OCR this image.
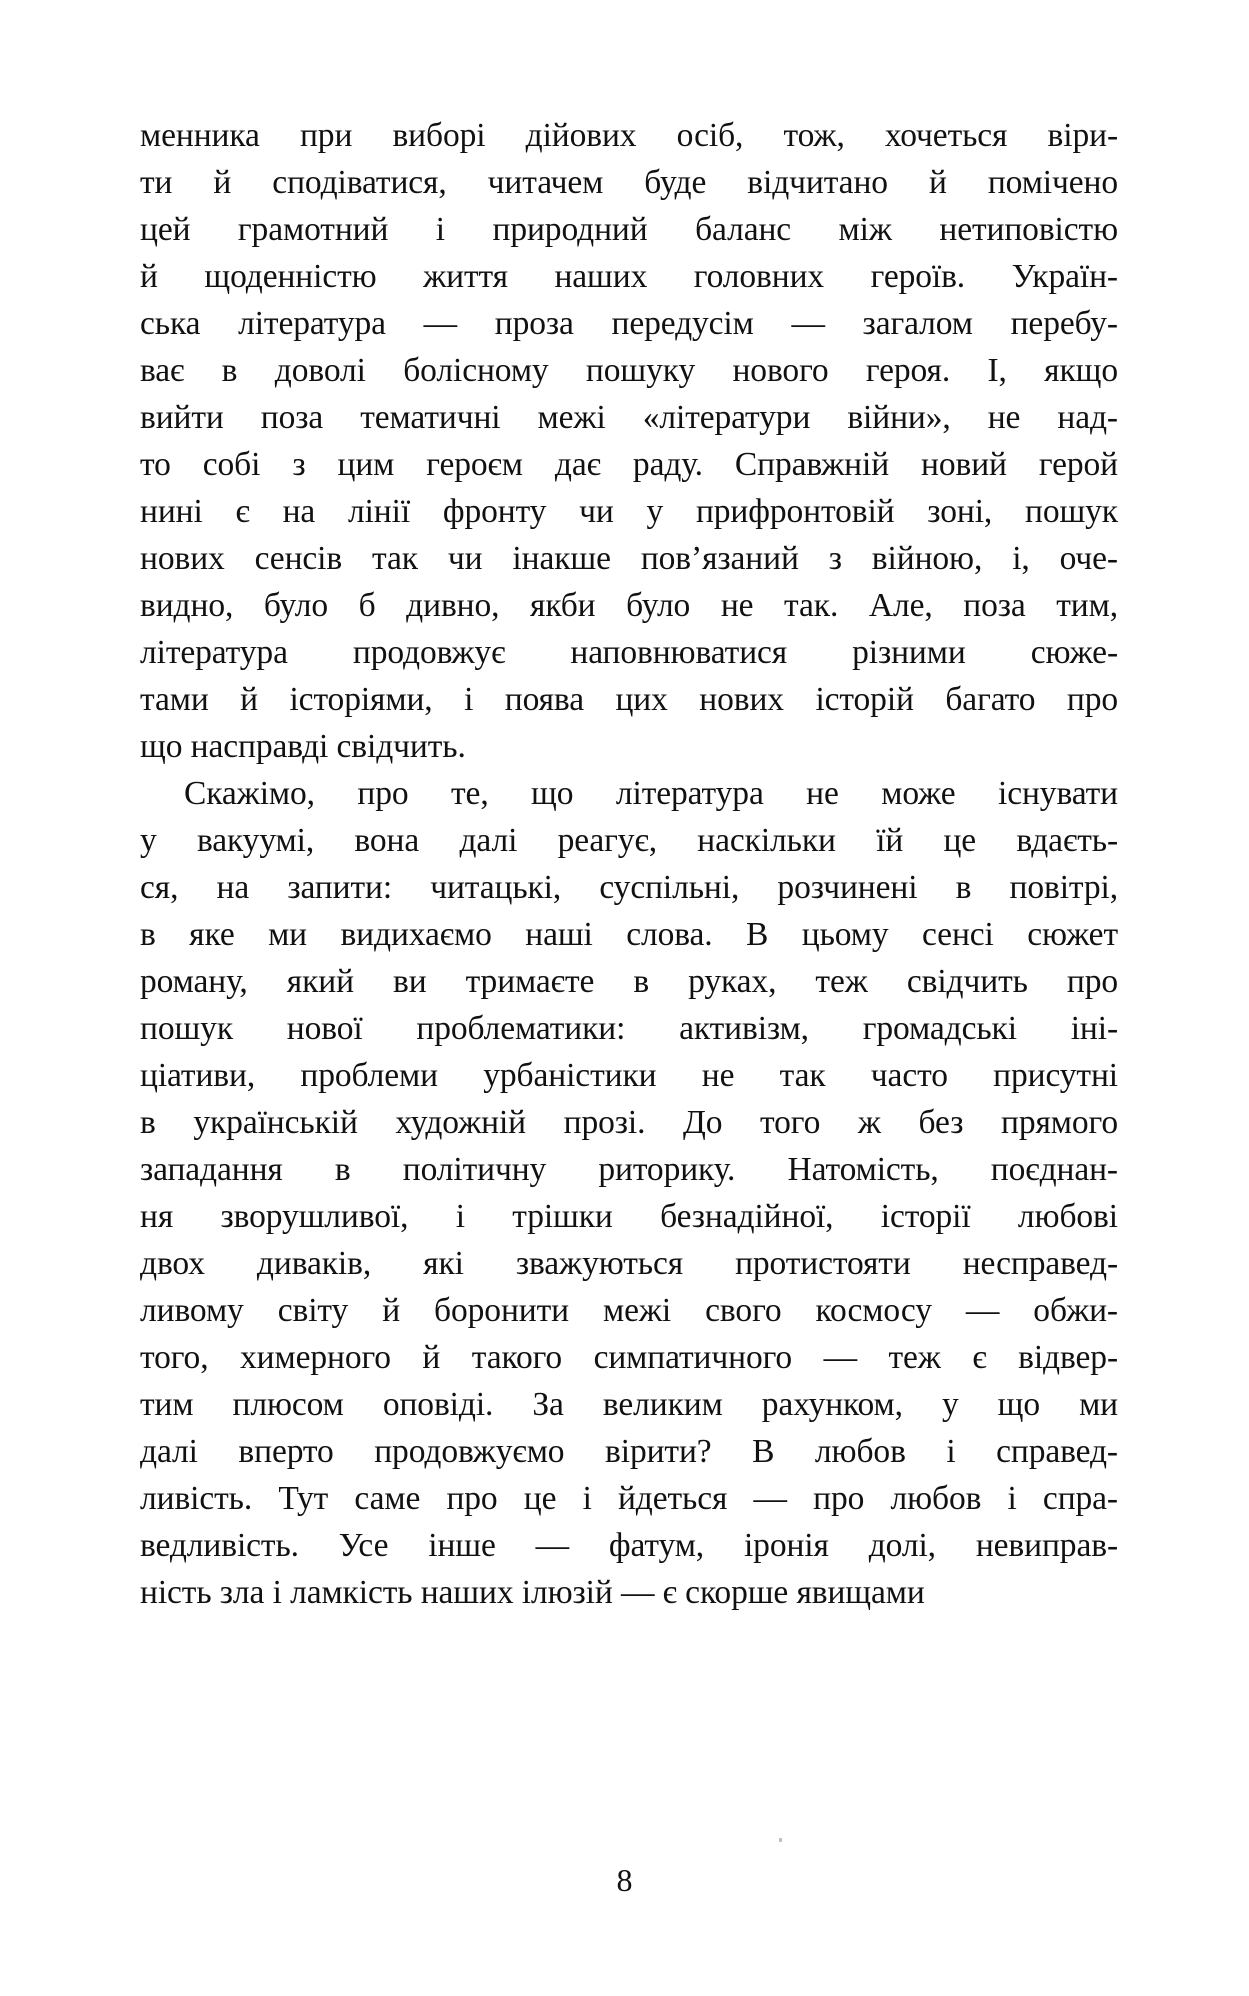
менника при виборі дійових осіб, тож, хочеться віри-
ти й сподіватися, читачем буде відчитано й помічено
цей грамотний і природний баланс між нетиповістю
й щоденністю життя наших головних героїв. Україн-
ська література — проза передусім — загалом перебу-
ває в доволі болісному пошуку нового героя. І, якщо
вийти поза тематичні межі «літератури війни», не над-
то собі з цим героєм дає раду. Справжній новий герой
нині є на лінії фронту чи у прифронтовій зоні, пошук
нових сенсів так чи інакше пов’язаний з війною, і, оче-
видно, було б дивно, якби було не так. Але, поза тим,
література продовжує наповнюватися різними сюже-
тами й історіями, і поява цих нових історій багато про
що насправді свідчить.
Скажімо, про те, що література не може існувати
у вакуумі, вона далі реагує, наскільки їй це вдаєть-
ся, на запити: читацькі, суспільні, розчинені в повітрі,
в яке ми видихаємо наші слова. В цьому сенсі сюжет
роману, який ви тримаєте в руках, теж свідчить про
пошук нової проблематики: активізм, громадські іні-
ціативи, проблеми урбаністики не так часто присутні
в українській художній прозі. До того ж без прямого
западання в політичну риторику. Натомість, поєднан-
ня зворушливої, і трішки безнадійної, історії любові
двох диваків, які зважуються протистояти несправед-
ливому світу й боронити межі свого космосу — обжи-
того, химерного й такого симпатичного — теж є відвер-
тим плюсом оповіді. За великим рахунком, у що ми
далі вперто продовжуємо вірити? В любов і справед-
ливість. Тут саме про це і йдеться — про любов і спра-
ведливість. Усе інше — фатум, іронія долі, невиправ-
ність зла і ламкість наших ілюзій — є скорше явищами
8
